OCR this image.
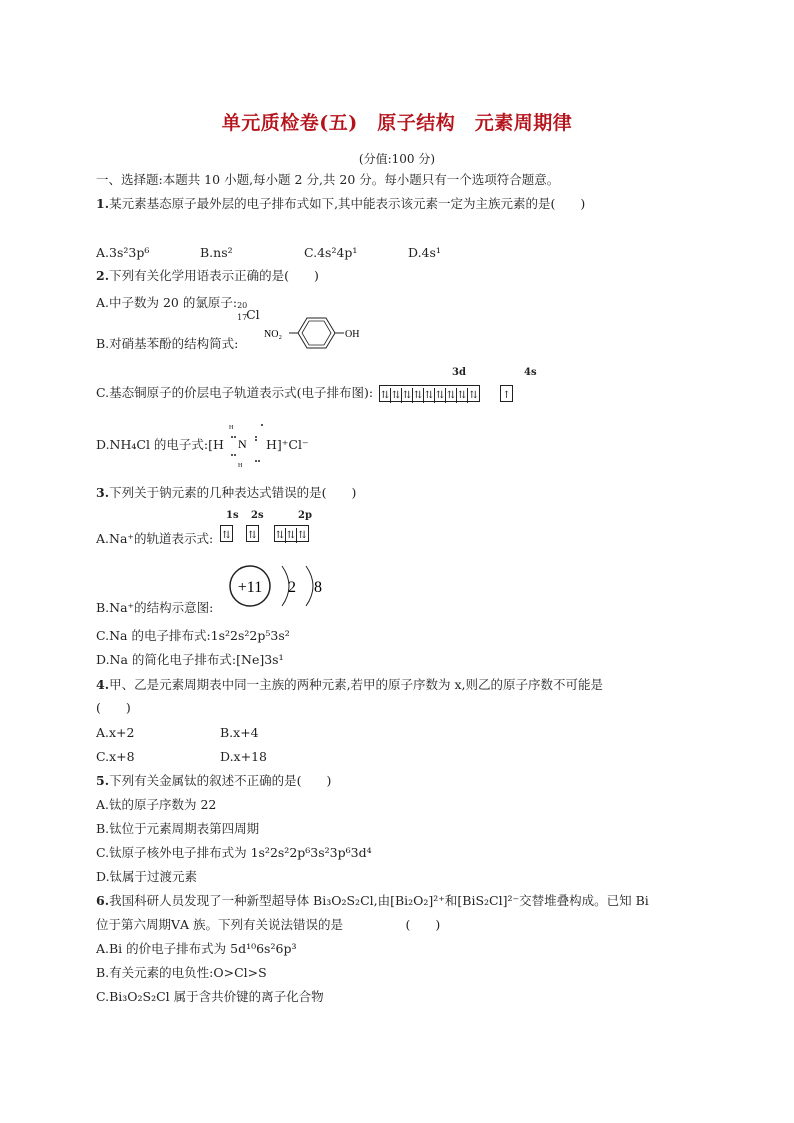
单元质检卷(五)　原子结构　元素周期律
(分值:100 分)
一、选择题:本题共 10 小题,每小题 2 分,共 20 分。每小题只有一个选项符合题意。
1.某元素基态原子最外层的电子排布式如下,其中能表示该元素一定为主族元素的是(　　)
A.3s²3p⁶	B.ns²	C.4s²4p¹	D.4s¹
2.下列有关化学用语表示正确的是(　　)
A.中子数为 20 的氯原子: 20
17
Cl
B.对硝基苯酚的结构简式:
NO₂	OH
3d	4s
C.基态铜原子的价层电子轨道表示式(电子排布图): ⇅ ⇅ ⇅ ⇅ ⇅ ⇅ ⇅ ⇅ ⇅ ↑
D.NH₄Cl 的电子式:[H
H
N
H
H]⁺Cl⁻
3.下列关于钠元素的几种表达式错误的是(　　)
1s 2s	2p
A.Na⁺的轨道表示式: ⇅ ⇅ ⇅ ⇅ ⇅
+11 2 8
B.Na⁺的结构示意图:
C.Na 的电子排布式:1s²2s²2p⁵3s²
D.Na 的简化电子排布式:[Ne]3s¹
4.甲、乙是元素周期表中同一主族的两种元素,若甲的原子序数为 x,则乙的原子序数不可能是
(　　)
A.x+2	B.x+4
C.x+8	D.x+18
5.下列有关金属钛的叙述不正确的是(　　)
A.钛的原子序数为 22
B.钛位于元素周期表第四周期
C.钛原子核外电子排布式为 1s²2s²2p⁶3s²3p⁶3d⁴
D.钛属于过渡元素
6.我国科研人员发现了一种新型超导体 Bi₃O₂S₂Cl,由[Bi₂O₂]²⁺和[BiS₂Cl]²⁻交替堆叠构成。已知 Bi
位于第六周期ⅤA 族。下列有关说法错误的是　　　　　(　　)
A.Bi 的价电子排布式为 5d¹⁰6s²6p³
B.有关元素的电负性:O>Cl>S
C.Bi₃O₂S₂Cl 属于含共价键的离子化合物
